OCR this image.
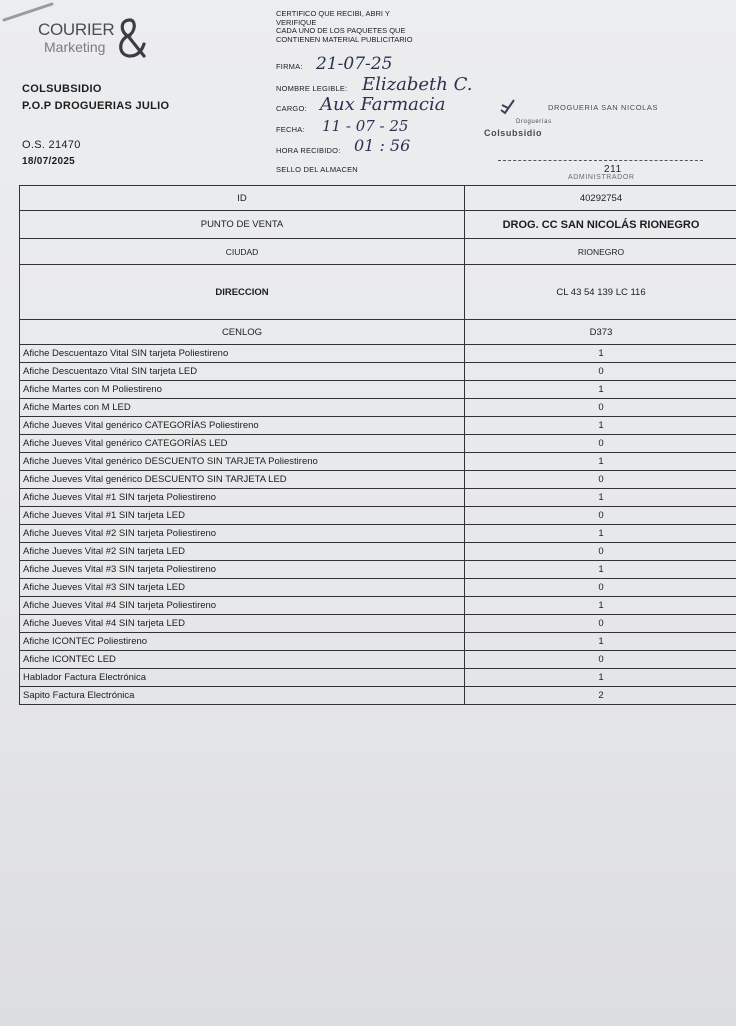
COURIER
Marketing
CERTIFICO QUE RECIBI, ABRI Y
VERIFIQUE
CADA UNO DE LOS PAQUETES QUE
CONTIENEN MATERIAL PUBLICITARIO
FIRMA: 21-07-25
NOMBRE LEGIBLE: Elizabeth C.
CARGO: Aux Farmacia
FECHA: 11 - 07 - 25
HORA RECIBIDO: 01 : 56
SELLO DEL ALMACEN
COLSUBSIDIO
P.O.P DROGUERIAS JULIO
O.S. 21470
18/07/2025
DROGUERIA SAN NICOLAS
Droguerías
Colsubsidio
211
ADMINISTRADOR
ID	40292754
PUNTO DE VENTA	DROG. CC SAN NICOLÁS RIONEGRO
CIUDAD	RIONEGRO
DIRECCION	CL 43 54 139 LC 116
CENLOG	D373
Afiche Descuentazo Vital SIN tarjeta Poliestireno	1
Afiche Descuentazo Vital SIN tarjeta LED	0
Afiche Martes con M Poliestireno	1
Afiche Martes con M LED	0
Afiche Jueves Vital genérico CATEGORÍAS Poliestireno	1
Afiche Jueves Vital genérico CATEGORÍAS LED	0
Afiche Jueves Vital genérico DESCUENTO SIN TARJETA Poliestireno	1
Afiche Jueves Vital genérico DESCUENTO SIN TARJETA LED	0
Afiche Jueves Vital #1 SIN tarjeta Poliestireno	1
Afiche Jueves Vital #1 SIN tarjeta LED	0
Afiche Jueves Vital #2 SIN tarjeta Poliestireno	1
Afiche Jueves Vital #2 SIN tarjeta LED	0
Afiche Jueves Vital #3 SIN tarjeta Poliestireno	1
Afiche Jueves Vital #3 SIN tarjeta LED	0
Afiche Jueves Vital #4 SIN tarjeta Poliestireno	1
Afiche Jueves Vital #4 SIN tarjeta LED	0
Afiche ICONTEC Poliestireno	1
Afiche ICONTEC LED	0
Hablador Factura Electrónica	1
Sapito Factura Electrónica	2
